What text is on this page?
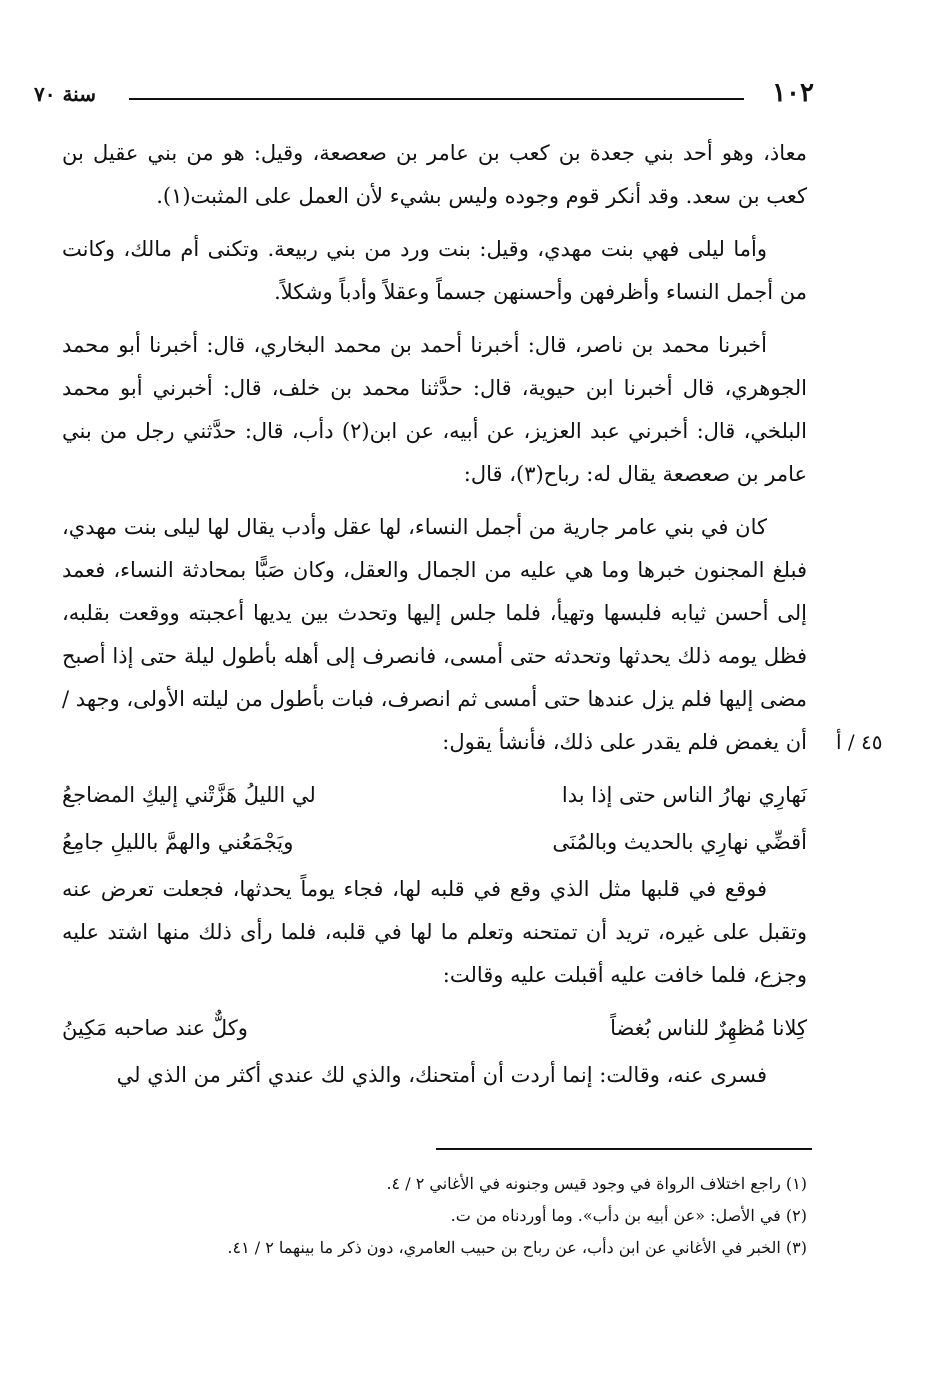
١٠٢
سنة ٧٠
٤٥ / أ

معاذ، وهو أحد بني جعدة بن كعب بن عامر بن صعصعة، وقيل: هو من بني عقيل بن كعب بن سعد. وقد أنكر قوم وجوده وليس بشيء لأن العمل على المثبت(١).

وأما ليلى فهي بنت مهدي، وقيل: بنت ورد من بني ربيعة. وتكنى أم مالك، وكانت من أجمل النساء وأظرفهن وأحسنهن جسماً وعقلاً وأدباً وشكلاً.

أخبرنا محمد بن ناصر، قال: أخبرنا أحمد بن محمد البخاري، قال: أخبرنا أبو محمد الجوهري، قال أخبرنا ابن حيوية، قال: حدَّثنا محمد بن خلف، قال: أخبرني أبو محمد البلخي، قال: أخبرني عبد العزيز، عن أبيه، عن ابن(٢) دأب، قال: حدَّثني رجل من بني عامر بن صعصعة يقال له: رباح(٣)، قال:

كان في بني عامر جارية من أجمل النساء، لها عقل وأدب يقال لها ليلى بنت مهدي، فبلغ المجنون خبرها وما هي عليه من الجمال والعقل، وكان صَبًّا بمحادثة النساء، فعمد إلى أحسن ثيابه فلبسها وتهيأ، فلما جلس إليها وتحدث بين يديها أعجبته ووقعت بقلبه، فظل يومه ذلك يحدثها وتحدثه حتى أمسى، فانصرف إلى أهله بأطول ليلة حتى إذا أصبح مضى إليها فلم يزل عندها حتى أمسى ثم انصرف، فبات بأطول من ليلته الأولى، وجهد / أن يغمض فلم يقدر على ذلك، فأنشأ يقول:

نَهارِي نهارُ الناس حتى إذا بدا
لي الليلُ هَزَّتْني إليكِ المضاجعُ
أقضِّي نهارِي بالحديث وبالمُنَى
ويَجْمَعُني والهمَّ بالليلِ جامِعُ

فوقع في قلبها مثل الذي وقع في قلبه لها، فجاء يوماً يحدثها، فجعلت تعرض عنه وتقبل على غيره، تريد أن تمتحنه وتعلم ما لها في قلبه، فلما رأى ذلك منها اشتد عليه وجزع، فلما خافت عليه أقبلت عليه وقالت:

كِلانا مُظهِرٌ للناس بُغضاً
وكلٌّ عند صاحبه مَكِينُ

فسرى عنه، وقالت: إنما أردت أن أمتحنك، والذي لك عندي أكثر من الذي لي

(١) راجع اختلاف الرواة في وجود قيس وجنونه في الأغاني ٢ / ٤.
(٢) في الأصل: «عن أبيه بن دأب». وما أوردناه من ت.
(٣) الخبر في الأغاني عن ابن دأب، عن رباح بن حبيب العامري، دون ذكر ما بينهما ٢ / ٤١.
